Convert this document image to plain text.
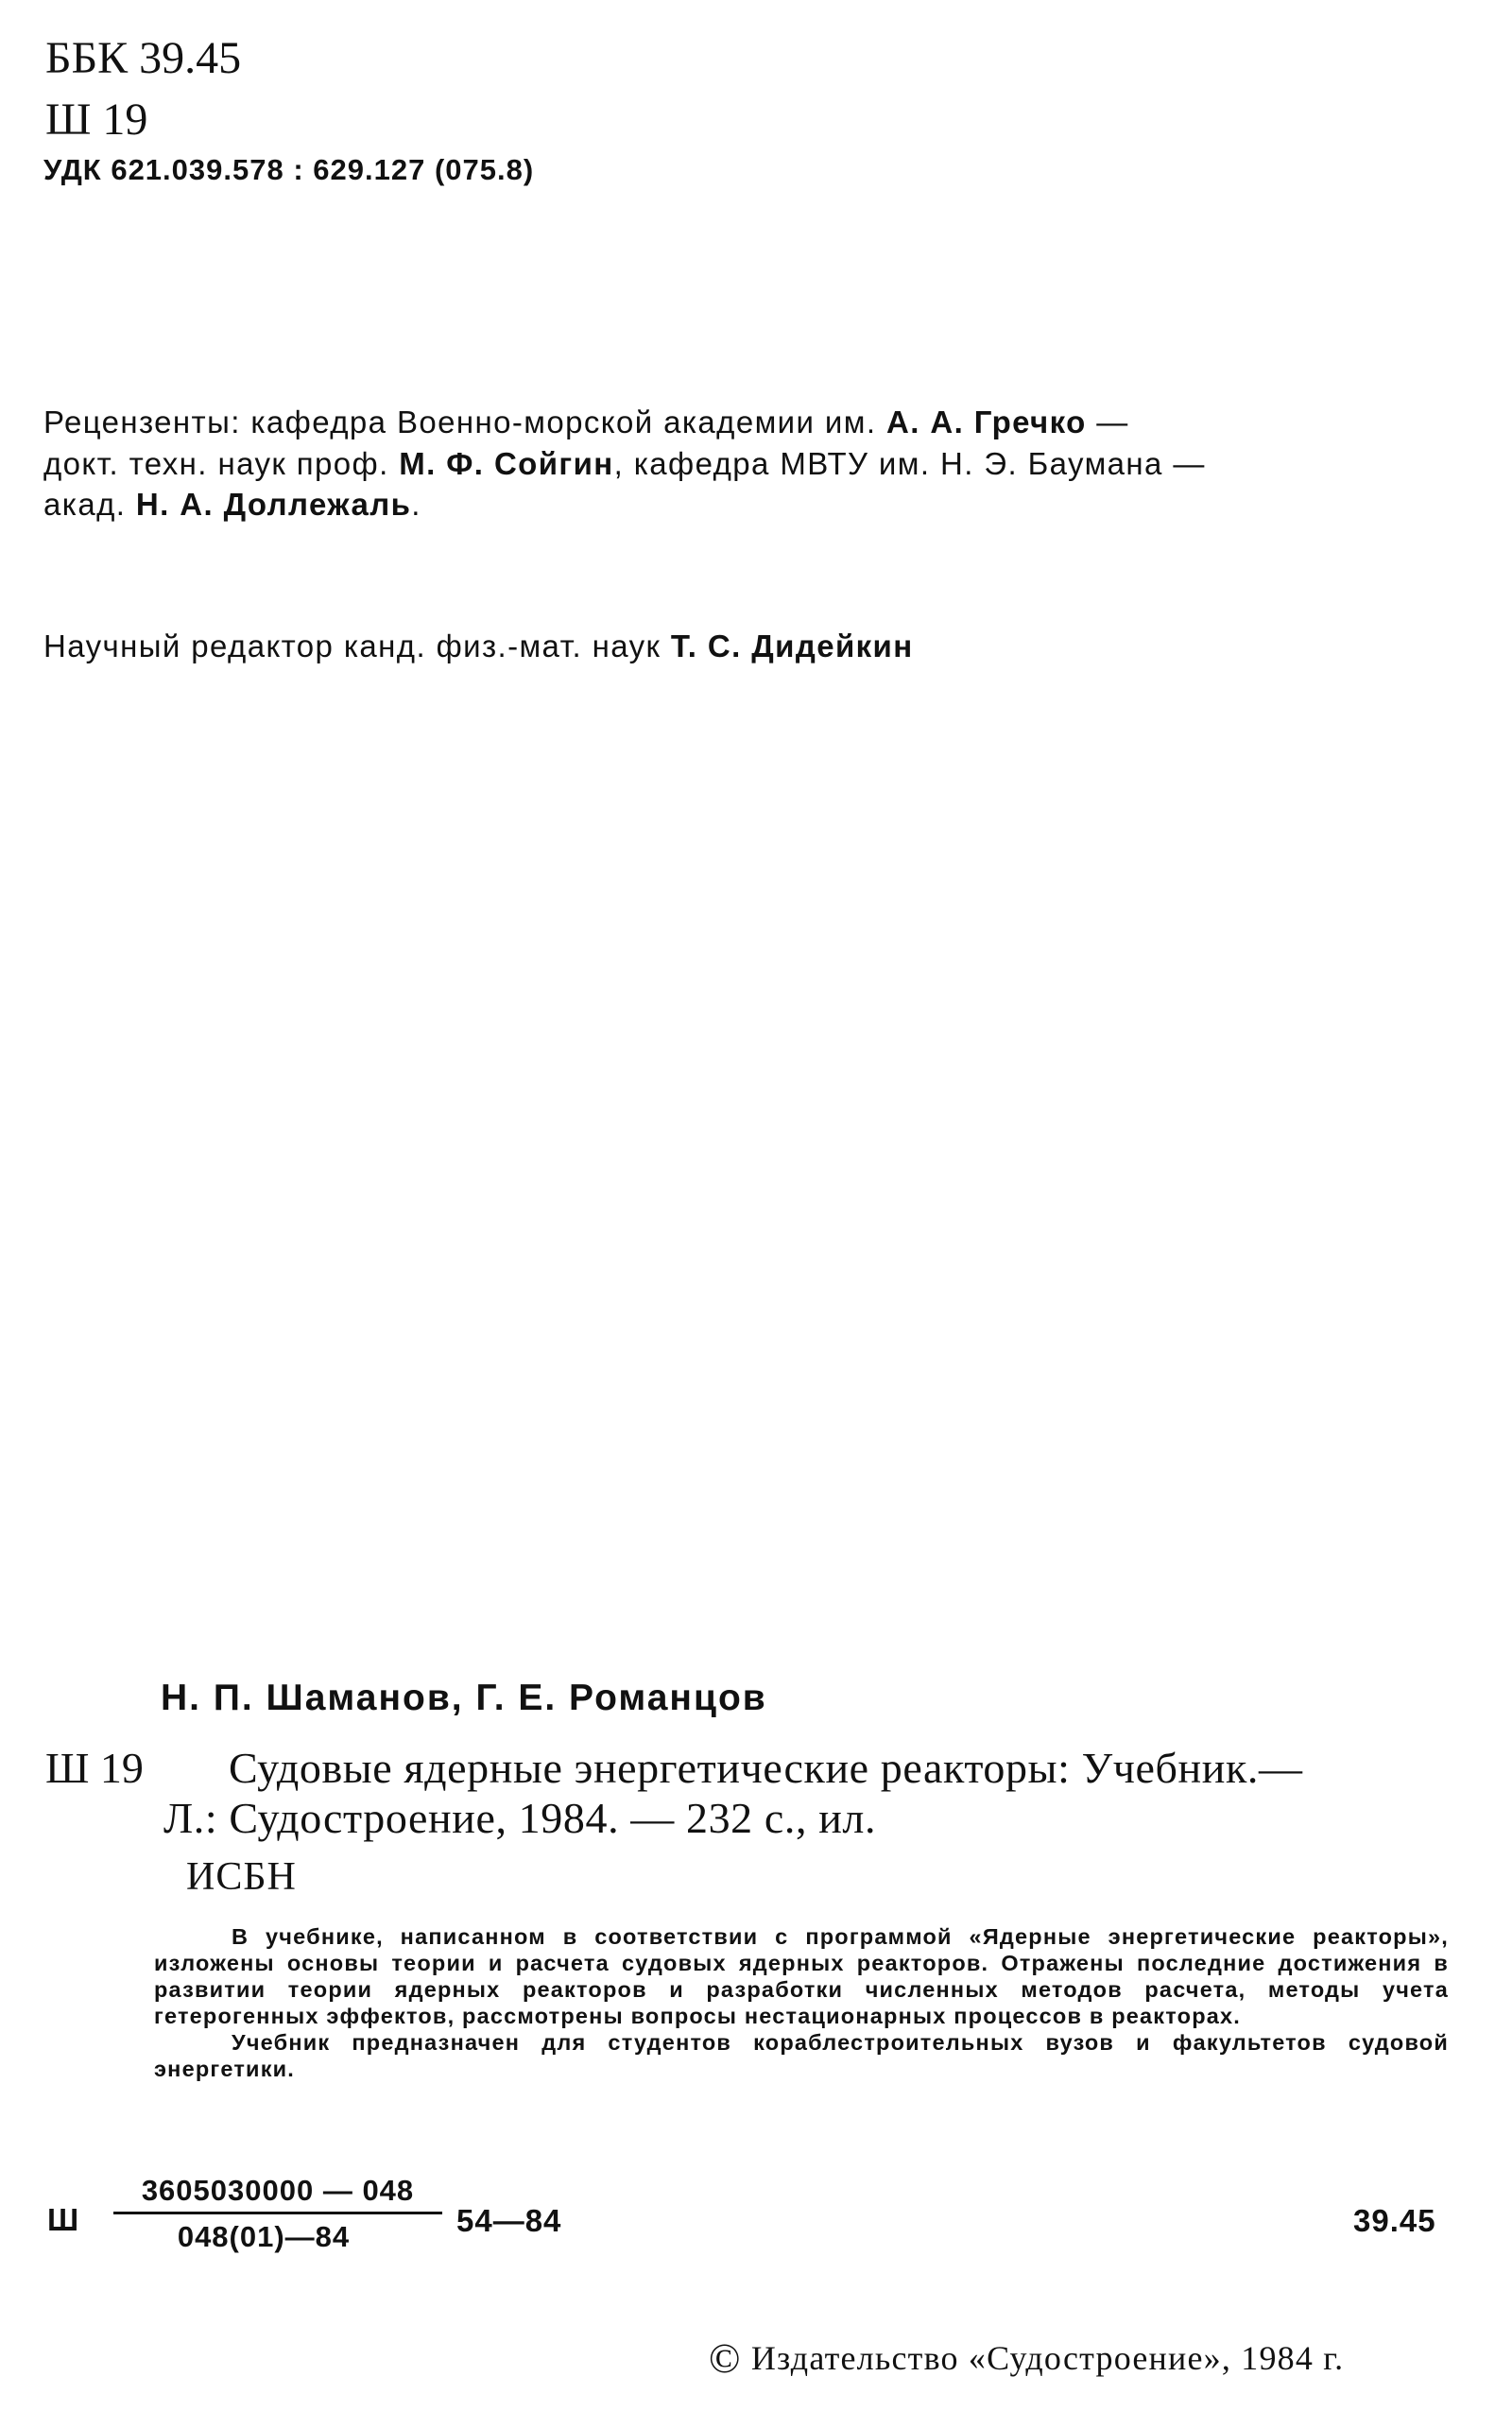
ББК 39.45
Ш 19
УДК 621.039.578 : 629.127 (075.8)
Рецензенты: кафедра Военно-морской академии им. А. А. Гречко —
докт. техн. наук проф. М. Ф. Сойгин, кафедра МВТУ им. Н. Э. Баумана —
акад. Н. А. Доллежаль.
Научный редактор канд. физ.-мат. наук Т. С. Дидейкин
Н. П. Шаманов, Г. Е. Романцов
Ш 19 Судовые ядерные энергетические реакторы: Учебник.—
Л.: Судостроение, 1984. — 232 с., ил.
ИСБН

В учебнике, написанном в соответствии с программой «Ядерные энергетические реакторы», изложены основы теории и расчета судовых ядерных реакторов. Отражены последние достижения в развитии теории ядерных реакторов и разработки численных методов расчета, методы учета гетерогенных эффектов, рассмотрены вопросы нестационарных процессов в реакторах.

Учебник предназначен для студентов кораблестроительных вузов и факультетов судовой энергетики.

Ш
3605030000 — 048
048(01)—84	54—84	39.45
© Издательство «Судостроение», 1984 г.
